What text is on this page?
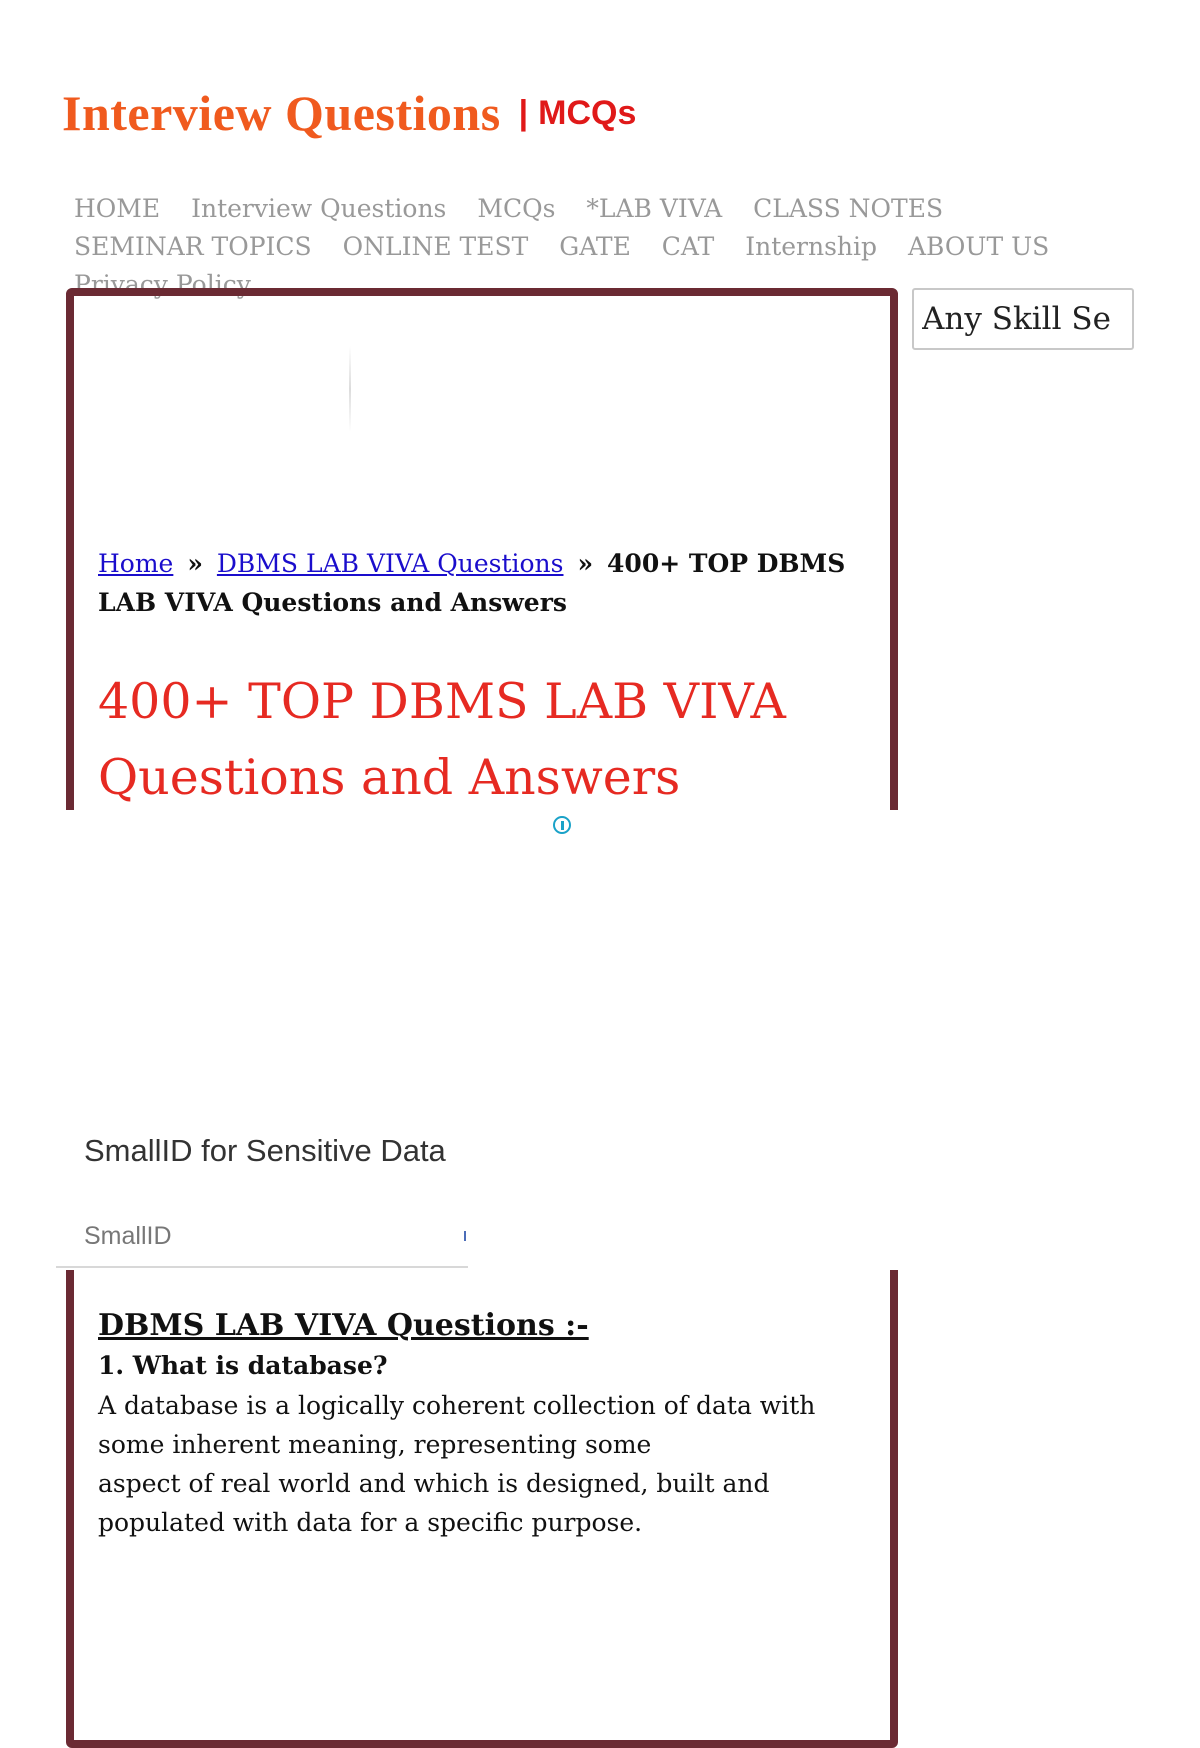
Interview Questions | MCQs
HOME Interview Questions MCQs *LAB VIVA CLASS NOTES SEMINAR TOPICS ONLINE TEST GATE CAT Internship ABOUT US Privacy Policy
Any Skill Search Here...
Home » DBMS LAB VIVA Questions » 400+ TOP DBMS LAB VIVA Questions and Answers
400+ TOP DBMS LAB VIVA Questions and Answers
SmallID for Sensitive Data
SmallID
DBMS LAB VIVA Questions :-

1. What is database?

A database is a logically coherent collection of data with some inherent meaning, representing some

aspect of real world and which is designed, built and populated with data for a specific purpose.
